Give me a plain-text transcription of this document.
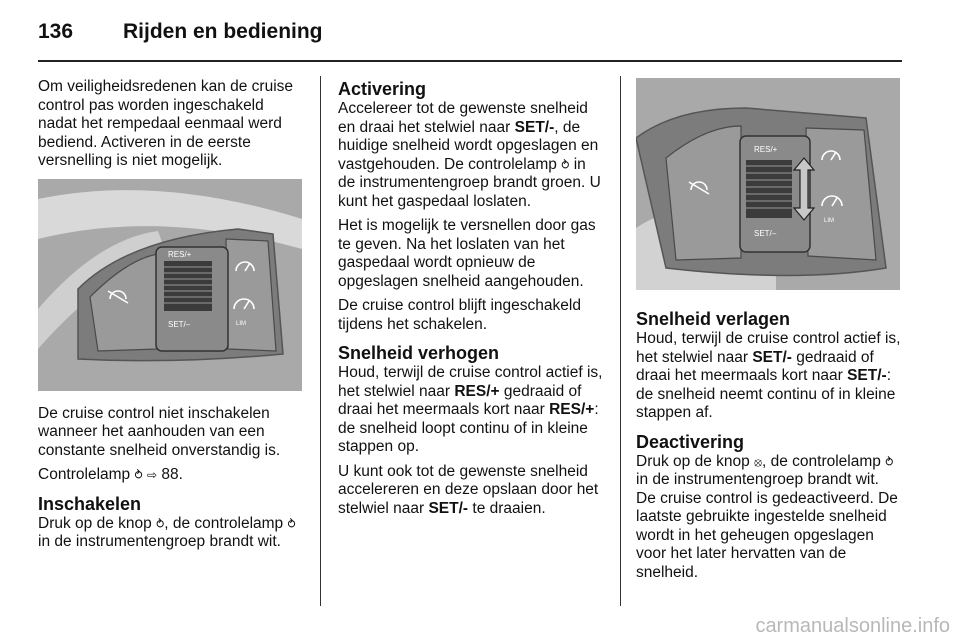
136 Rijden en bediening

Om veiligheidsredenen kan de cruise control pas worden ingeschakeld nadat het rempedaal eenmaal werd bediend. Activeren in de eerste versnelling is niet mogelijk.

RES/+
SET/–	LIM

De cruise control niet inschakelen wanneer het aanhouden van een constante snelheid onverstandig is.

Controlelamp ⥁ ⇨ 88.

Inschakelen

Druk op de knop ⥁, de controlelamp ⥁ in de instrumentengroep brandt wit.

Activering

Accelereer tot de gewenste snelheid en draai het stelwiel naar SET/-, de huidige snelheid wordt opgeslagen en vastgehouden. De controlelamp ⥁ in de instrumentengroep brandt groen. U kunt het gaspedaal loslaten.

Het is mogelijk te versnellen door gas te geven. Na het loslaten van het gaspedaal wordt opnieuw de opgeslagen snelheid aangehouden.

De cruise control blijft ingeschakeld tijdens het schakelen.

Snelheid verhogen

Houd, terwijl de cruise control actief is, het stelwiel naar RES/+ gedraaid of draai het meermaals kort naar RES/+: de snelheid loopt continu of in kleine stappen op.

U kunt ook tot de gewenste snelheid accelereren en deze opslaan door het stelwiel naar SET/- te draaien.

RES/+
SET/–
LIM
Snelheid verlagen

Houd, terwijl de cruise control actief is, het stelwiel naar SET/- gedraaid of draai het meermaals kort naar SET/-: de snelheid neemt continu of in kleine stappen af.

Deactivering

Druk op de knop ⦻, de controlelamp ⥁ in de instrumentengroep brandt wit. De cruise control is gedeactiveerd. De laatste gebruikte ingestelde snelheid wordt in het geheugen opgeslagen voor het later hervatten van de snelheid.

carmanualsonline.info
